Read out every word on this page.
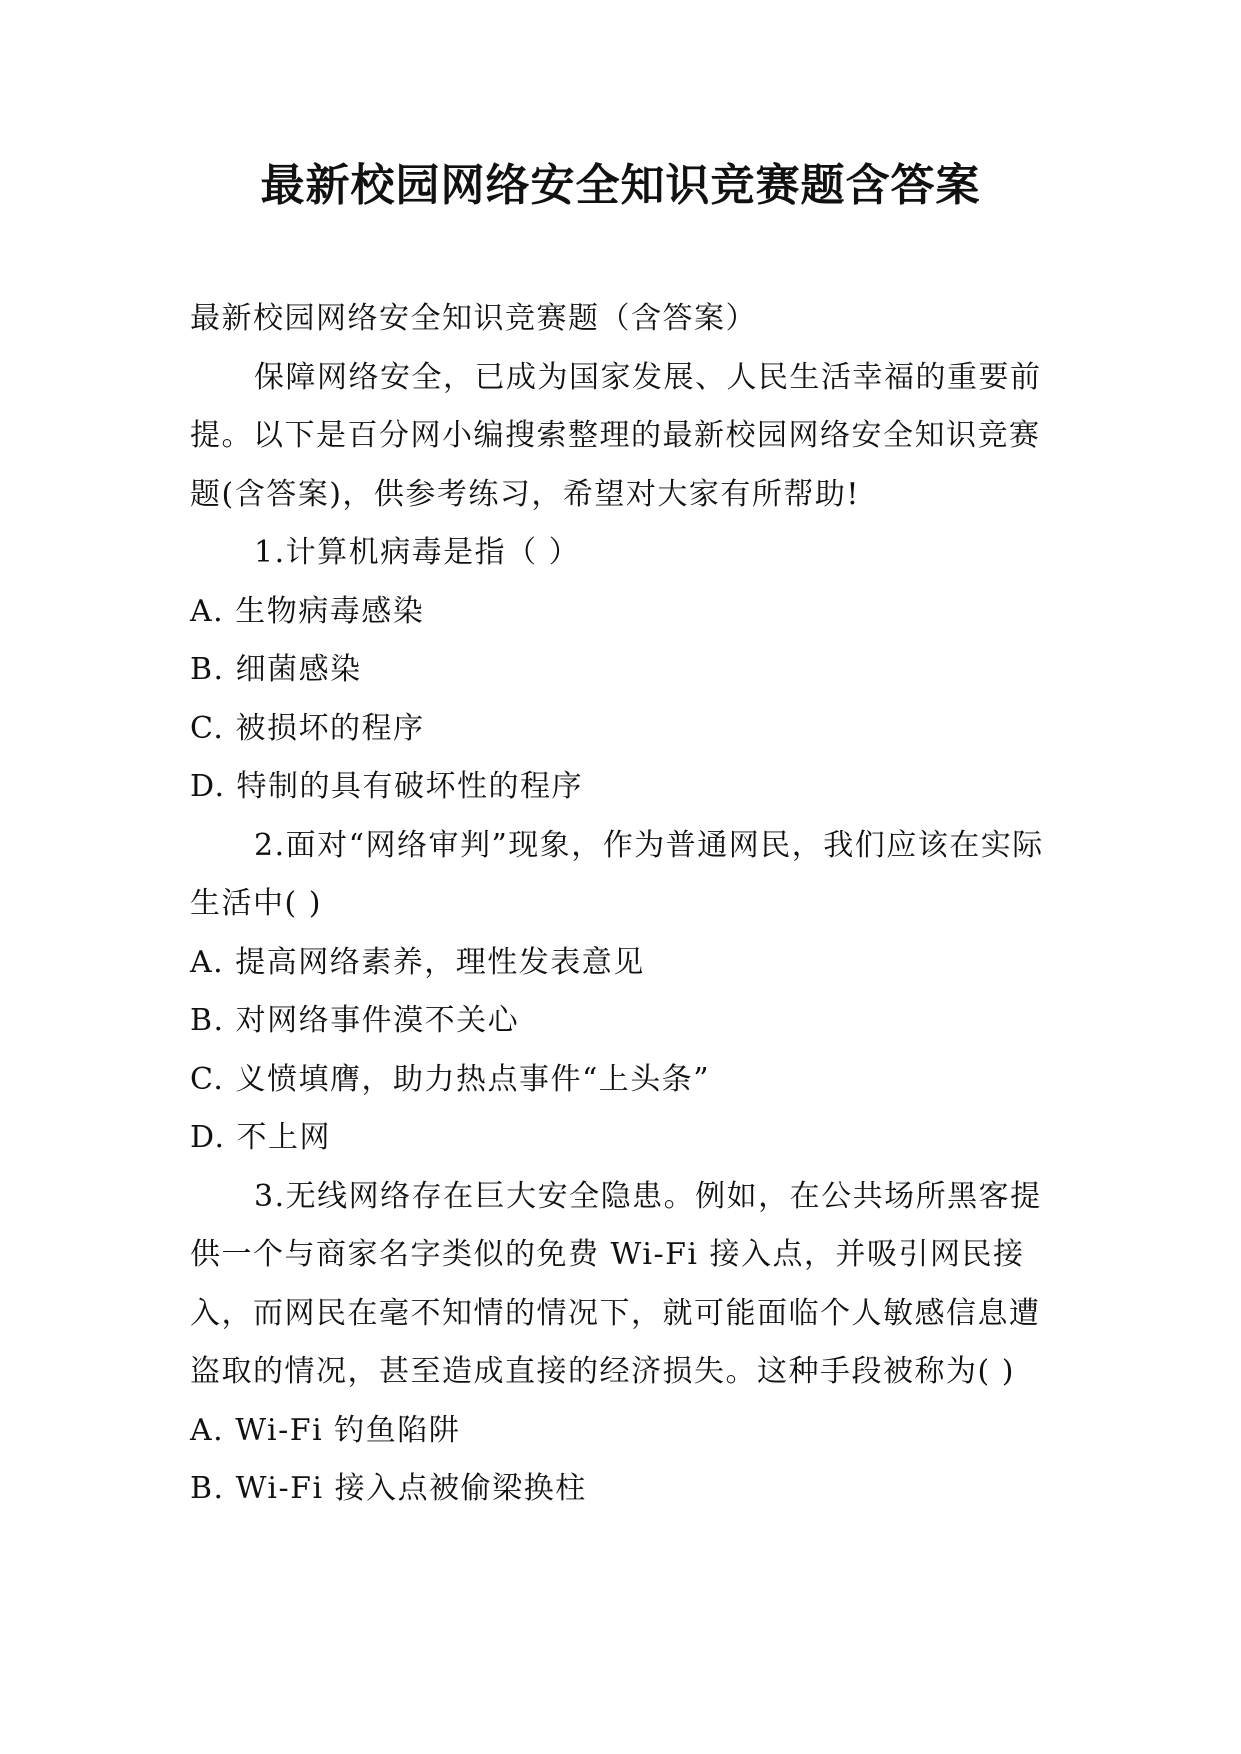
最新校园网络安全知识竞赛题含答案

最新校园网络安全知识竞赛题（含答案）

保障网络安全，已成为国家发展、人民生活幸福的重要前提。以下是百分网小编搜索整理的最新校园网络安全知识竞赛题(含答案)，供参考练习，希望对大家有所帮助!

1.计算机病毒是指（ ）

A. 生物病毒感染

B. 细菌感染

C. 被损坏的程序

D. 特制的具有破坏性的程序

2.面对“网络审判”现象，作为普通网民，我们应该在实际生活中( )

A. 提高网络素养，理性发表意见

B. 对网络事件漠不关心

C. 义愤填膺，助力热点事件“上头条”

D. 不上网

3.无线网络存在巨大安全隐患。例如，在公共场所黑客提供一个与商家名字类似的免费 Wi-Fi 接入点，并吸引网民接入，而网民在毫不知情的情况下，就可能面临个人敏感信息遭盗取的情况，甚至造成直接的经济损失。这种手段被称为( )

A. Wi-Fi 钓鱼陷阱

B. Wi-Fi 接入点被偷梁换柱
